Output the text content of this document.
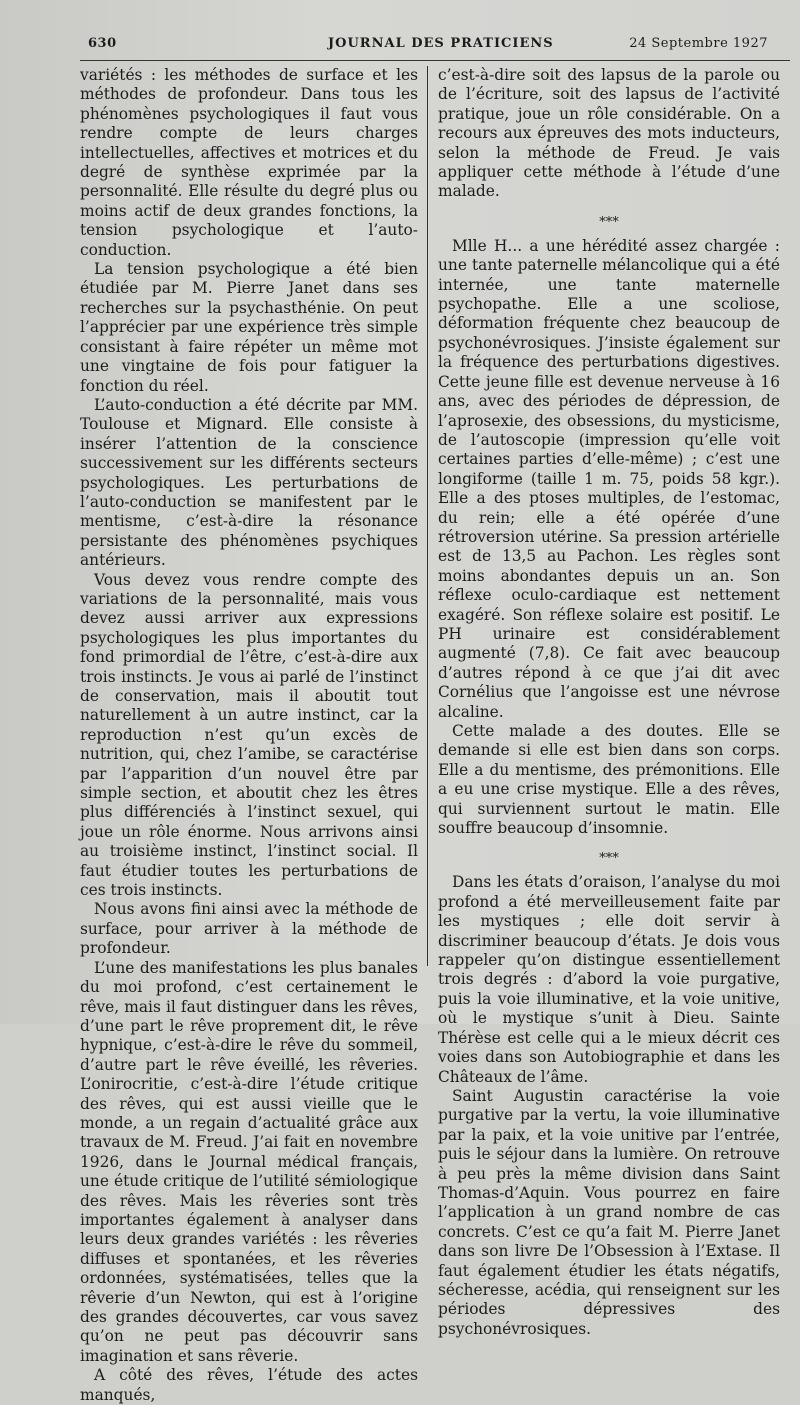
630	JOURNAL DES PRATICIENS	24 Septembre 1927

variétés : les méthodes de surface et les méthodes de profondeur. Dans tous les phénomènes psychologiques il faut vous rendre compte de leurs charges intellectuelles, affectives et motrices et du degré de synthèse exprimée par la personnalité. Elle résulte du degré plus ou moins actif de deux grandes fonctions, la tension psychologique et l’auto-conduction.

La tension psychologique a été bien étudiée par M. Pierre Janet dans ses recherches sur la psychasthénie. On peut l’apprécier par une expérience très simple consistant à faire répéter un même mot une vingtaine de fois pour fatiguer la fonction du réel.

L’auto-conduction a été décrite par MM. Toulouse et Mignard. Elle consiste à insérer l’attention de la conscience successivement sur les différents secteurs psychologiques. Les perturbations de l’auto-conduction se manifestent par le mentisme, c’est-à-dire la résonance persistante des phénomènes psychiques antérieurs.

Vous devez vous rendre compte des variations de la personnalité, mais vous devez aussi arriver aux expressions psychologiques les plus importantes du fond primordial de l’être, c’est-à-dire aux trois instincts. Je vous ai parlé de l’instinct de conservation, mais il aboutit tout naturellement à un autre instinct, car la reproduction n’est qu’un excès de nutrition, qui, chez l’amibe, se caractérise par l’apparition d’un nouvel être par simple section, et aboutit chez les êtres plus différenciés à l’instinct sexuel, qui joue un rôle énorme. Nous arrivons ainsi au troisième instinct, l’instinct social. Il faut étudier toutes les perturbations de ces trois instincts.

Nous avons fini ainsi avec la méthode de surface, pour arriver à la méthode de profondeur.

L’une des manifestations les plus banales du moi profond, c’est certainement le rêve, mais il faut distinguer dans les rêves, d’une part le rêve proprement dit, le rêve hypnique, c’est-à-dire le rêve du sommeil, d’autre part le rêve éveillé, les rêveries. L’onirocritie, c’est-à-dire l’étude critique des rêves, qui est aussi vieille que le monde, a un regain d’actualité grâce aux travaux de M. Freud. J’ai fait en novembre 1926, dans le Journal médical français, une étude critique de l’utilité sémiologique des rêves. Mais les rêveries sont très importantes également à analyser dans leurs deux grandes variétés : les rêveries diffuses et spontanées, et les rêveries ordonnées, systématisées, telles que la rêverie d’un Newton, qui est à l’origine des grandes découvertes, car vous savez qu’on ne peut pas découvrir sans imagination et sans rêverie.

A côté des rêves, l’étude des actes manqués,

c’est-à-dire soit des lapsus de la parole ou de l’écriture, soit des lapsus de l’activité pratique, joue un rôle considérable. On a recours aux épreuves des mots inducteurs, selon la méthode de Freud. Je vais appliquer cette méthode à l’étude d’une malade.

***

Mlle H... a une hérédité assez chargée : une tante paternelle mélancolique qui a été internée, une tante maternelle psychopathe. Elle a une scoliose, déformation fréquente chez beaucoup de psychonévrosiques. J’insiste également sur la fréquence des perturbations digestives. Cette jeune fille est devenue nerveuse à 16 ans, avec des périodes de dépression, de l’aprosexie, des obsessions, du mysticisme, de l’autoscopie (impression qu’elle voit certaines parties d’elle-même) ; c’est une longiforme (taille 1 m. 75, poids 58 kgr.). Elle a des ptoses multiples, de l’estomac, du rein; elle a été opérée d’une rétroversion utérine. Sa pression artérielle est de 13,5 au Pachon. Les règles sont moins abondantes depuis un an. Son réflexe oculo-cardiaque est nettement exagéré. Son réflexe solaire est positif. Le PH urinaire est considérablement augmenté (7,8). Ce fait avec beaucoup d’autres répond à ce que j’ai dit avec Cornélius que l’angoisse est une névrose alcaline.

Cette malade a des doutes. Elle se demande si elle est bien dans son corps. Elle a du mentisme, des prémonitions. Elle a eu une crise mystique. Elle a des rêves, qui surviennent surtout le matin. Elle souffre beaucoup d’insomnie.

***

Dans les états d’oraison, l’analyse du moi profond a été merveilleusement faite par les mystiques ; elle doit servir à discriminer beaucoup d’états. Je dois vous rappeler qu’on distingue essentiellement trois degrés : d’abord la voie purgative, puis la voie illuminative, et la voie unitive, où le mystique s’unit à Dieu. Sainte Thérèse est celle qui a le mieux décrit ces voies dans son Autobiographie et dans les Châteaux de l’âme.

Saint Augustin caractérise la voie purgative par la vertu, la voie illuminative par la paix, et la voie unitive par l’entrée, puis le séjour dans la lumière. On retrouve à peu près la même division dans Saint Thomas-d’Aquin. Vous pourrez en faire l’application à un grand nombre de cas concrets. C’est ce qu’a fait M. Pierre Janet dans son livre De l’Obsession à l’Extase. Il faut également étudier les états négatifs, sécheresse, acédia, qui renseignent sur les périodes dépressives des psychonévrosiques.
